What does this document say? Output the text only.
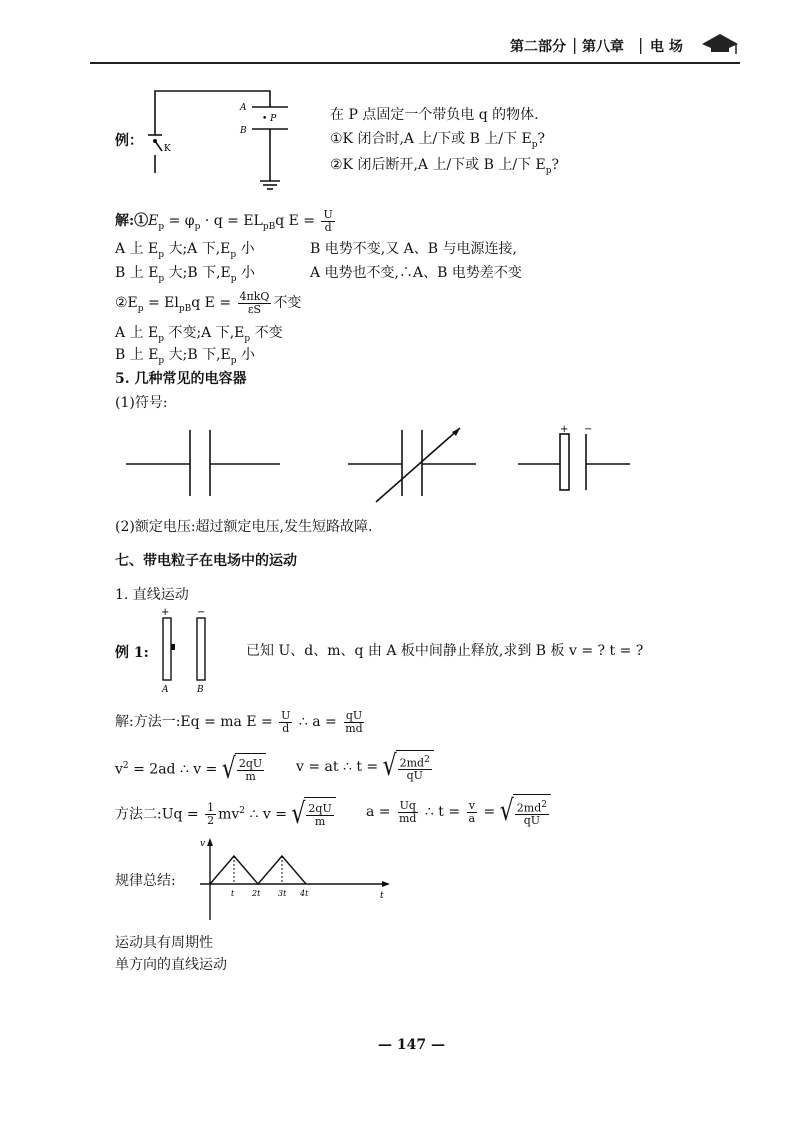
第二部分 | 第八章 | 电 场
A
B
• P
K
例：
在 P 点固定一个带负电 q 的物体.
①K 闭合时,A 上/下或 B 上/下 $E_p$?
②K 闭后断开,A 上/下或 B 上/下 $E_p$?
解$:①E_p = \varphi_p \cdot q = EL_{pB}q$ $E = \frac{U}{d}$
A 上 $E_p$ 大;A 下$,E_p$ 小	B 电势不变,又 A、B 与电源连接,
B 上 $E_p$ 大;B 下$,E_p$ 小	A 电势也不变,∴A、B 电势差不变
$②E_p = El_{pB}q$ $E = \frac{\text{4πkQ}}{\varepsilon S}$ 不变
A 上 $E_p$ 不变;A 下$,E_p$ 不变
B 上 $E_p$ 大;B 下$,E_p$ 小
5. 几种常见的电容器
(1)符号:
+ −
(2)额定电压:超过额定电压,发生短路故障.
七、带电粒子在电场中的运动
1. 直线运动
+	−
A	B
例 1:	已知 U、d、m、q 由 A 板中间静止释放,求到 B 板 v = ? t = ?
解:方法一:Eq = ma $E = \frac{U}{d}$ ∴ $a = \frac{qU}{md}$
$v^2 = 2ad$ ∴ v = √ $\frac{2qU}{m}$ v = at ∴ t = √ $\frac{2md^2}{qU}$
方法二:Uq = $\frac{1}{2} mv^2$ ∴ v = √ $\frac{2qU}{m}$ $a = \frac{Uq}{md}$ ∴ $t = \frac{v}{a}$ = √ $\frac{2md^2}{qU}$
规律总结:
v
t
t 2t 3t 4t
运动具有周期性
单方向的直线运动
— 147 —
